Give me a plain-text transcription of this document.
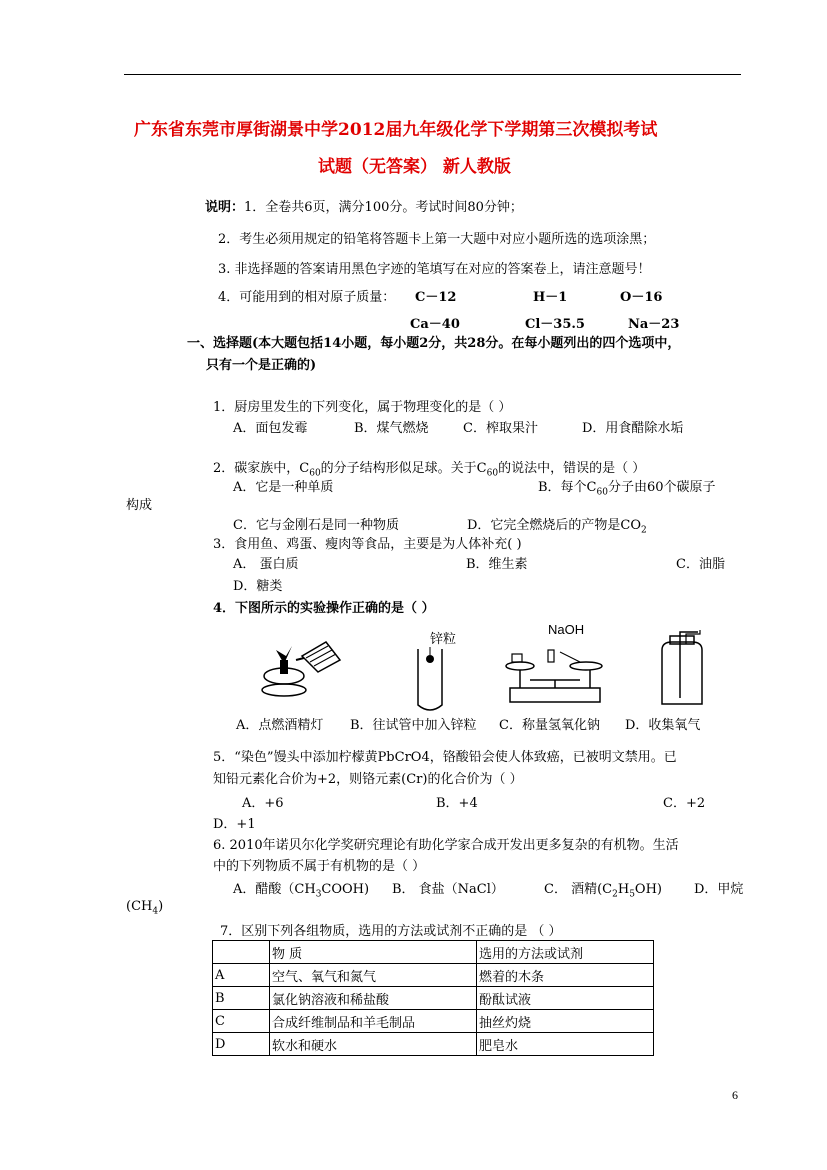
广东省东莞市厚街湖景中学2012届九年级化学下学期第三次模拟考试
试题（无答案） 新人教版
说明：1．全卷共6页，满分100分。考试时间80分钟；
2．考生必须用规定的铅笔将答题卡上第一大题中对应小题所选的选项涂黑；
3. 非选择题的答案请用黑色字迹的笔填写在对应的答案卷上，请注意题号！
4．可能用到的相对原子质量： C－12	H－1	O－16
Ca－40	Cl－35.5	Na－23
一、选择题(本大题包括14小题，每小题2分，共28分。在每小题列出的四个选项中，
只有一个是正确的)
1．厨房里发生的下列变化，属于物理变化的是（ ）
A．面包发霉	B．煤气燃烧	C．榨取果汁	D．用食醋除水垢
2．碳家族中，$C_{60}$的分子结构形似足球。关于$C_{60}$的说法中，错误的是（ ）
A．它是一种单质	B．每个$C_{60}$分子由60个碳原子
构成
C．它与金刚石是同一种物质	D．它完全燃烧后的产物是$CO_2$
3．食用鱼、鸡蛋、瘦肉等食品，主要是为人体补充( )
A． 蛋白质	B．维生素	C．油脂
D．糖类
4．下图所示的实验操作正确的是（ ）
锌粒
NaOH
A．点燃酒精灯 B．往试管中加入锌粒 C．称量氢氧化钠 D．收集氧气
5．“染色”馒头中添加柠檬黄PbCrO4，铬酸铅会使人体致癌，已被明文禁用。已
知铅元素化合价为+2，则铬元素(Cr)的化合价为（ ）
A．+6	B．+4	C．+2
D．+1
6. 2010年诺贝尔化学奖研究理论有助化学家合成开发出更多复杂的有机物。生活
中的下列物质不属于有机物的是（ ）
A．醋酸$(CH_3COOH)$ B． 食盐（NaCl）	C． 酒精$(C_2H_5OH)$ D．甲烷
$(CH_4)$
7．区别下列各组物质，选用的方法或试剂不正确的是 （ ）
	物 质	选用的方法或试剂
A	空气、氧气和氮气	燃着的木条
B	氯化钠溶液和稀盐酸	酚酞试液
C	合成纤维制品和羊毛制品	抽丝灼烧
D	软水和硬水	肥皂水
6
